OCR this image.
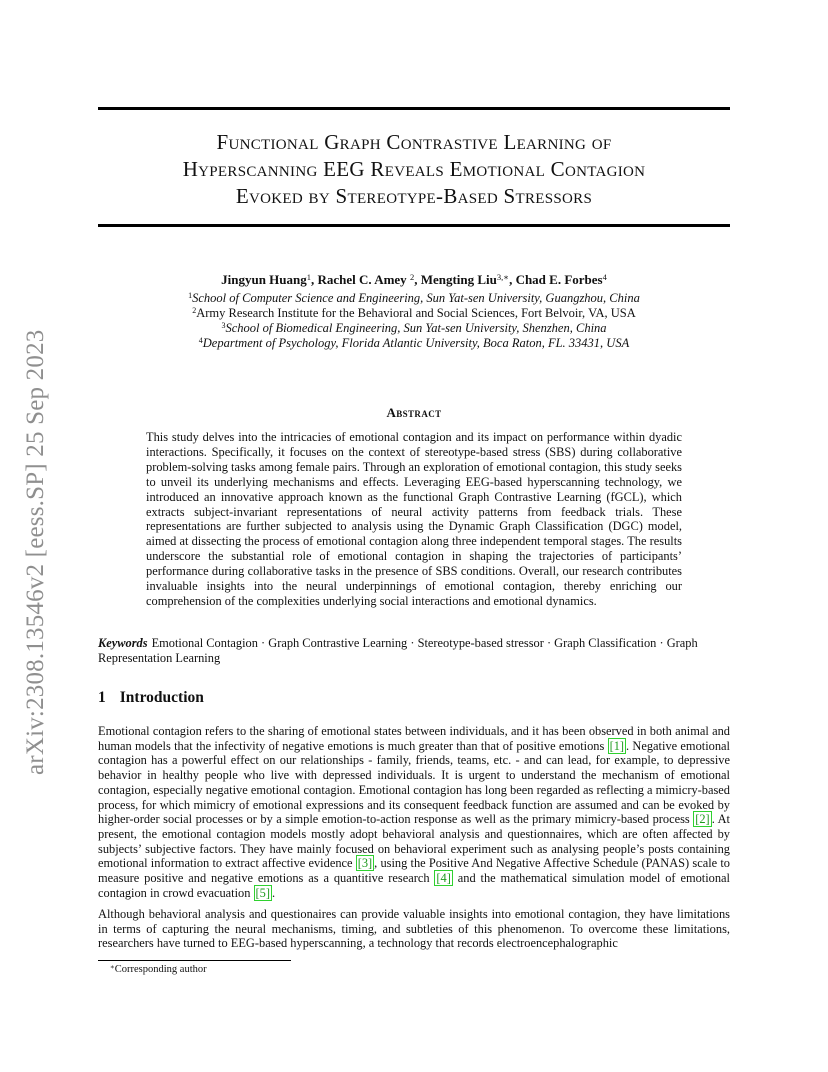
arXiv:2308.13546v2 [eess.SP] 25 Sep 2023
Functional Graph Contrastive Learning of
Hyperscanning EEG Reveals Emotional Contagion
Evoked by Stereotype-Based Stressors
Jingyun Huang$^1$, Rachel C. Amey $^2$, Mengting Liu$^{3,∗}$, Chad E. Forbes$^4$
$^1$School of Computer Science and Engineering, Sun Yat-sen University, Guangzhou, China
$^2$Army Research Institute for the Behavioral and Social Sciences, Fort Belvoir, VA, USA
$^3$School of Biomedical Engineering, Sun Yat-sen University, Shenzhen, China
$^4$Department of Psychology, Florida Atlantic University, Boca Raton, FL. 33431, USA
Abstract
This study delves into the intricacies of emotional contagion and its impact on performance within dyadic interactions. Specifically, it focuses on the context of stereotype-based stress (SBS) during collaborative problem-solving tasks among female pairs. Through an exploration of emotional contagion, this study seeks to unveil its underlying mechanisms and effects. Leveraging EEG-based hyperscanning technology, we introduced an innovative approach known as the functional Graph Contrastive Learning (fGCL), which extracts subject-invariant representations of neural activity patterns from feedback trials. These representations are further subjected to analysis using the Dynamic Graph Classification (DGC) model, aimed at dissecting the process of emotional contagion along three independent temporal stages. The results underscore the substantial role of emotional contagion in shaping the trajectories of participants’ performance during collaborative tasks in the presence of SBS conditions. Overall, our research contributes invaluable insights into the neural underpinnings of emotional contagion, thereby enriching our comprehension of the complexities underlying social interactions and emotional dynamics.
Keywords Emotional Contagion · Graph Contrastive Learning · Stereotype-based stressor · Graph Classification · Graph Representation Learning
1 Introduction
Emotional contagion refers to the sharing of emotional states between individuals, and it has been observed in both animal and human models that the infectivity of negative emotions is much greater than that of positive emotions [1] . Negative emotional contagion has a powerful effect on our relationships - family, friends, teams, etc. - and can lead, for example, to depressive behavior in healthy people who live with depressed individuals. It is urgent to understand the mechanism of emotional contagion, especially negative emotional contagion. Emotional contagion has long been regarded as reflecting a mimicry-based process, for which mimicry of emotional expressions and its consequent feedback function are assumed and can be evoked by higher-order social processes or by a simple emotion-to-action response as well as the primary mimicry-based process [2] . At present, the emotional contagion models mostly adopt behavioral analysis and questionnaires, which are often affected by subjects’ subjective factors. They have mainly focused on behavioral experiment such as analysing people’s posts containing emotional information to extract affective evidence [3] , using the Positive And Negative Affective Schedule (PANAS) scale to measure positive and negative emotions as a quantitive research [4] and the mathematical simulation model of emotional contagion in crowd evacuation [5] .
Although behavioral analysis and questionaires can provide valuable insights into emotional contagion, they have limitations in terms of capturing the neural mechanisms, timing, and subtleties of this phenomenon. To overcome these limitations, researchers have turned to EEG-based hyperscanning, a technology that records electroencephalographic
∗Corresponding author
